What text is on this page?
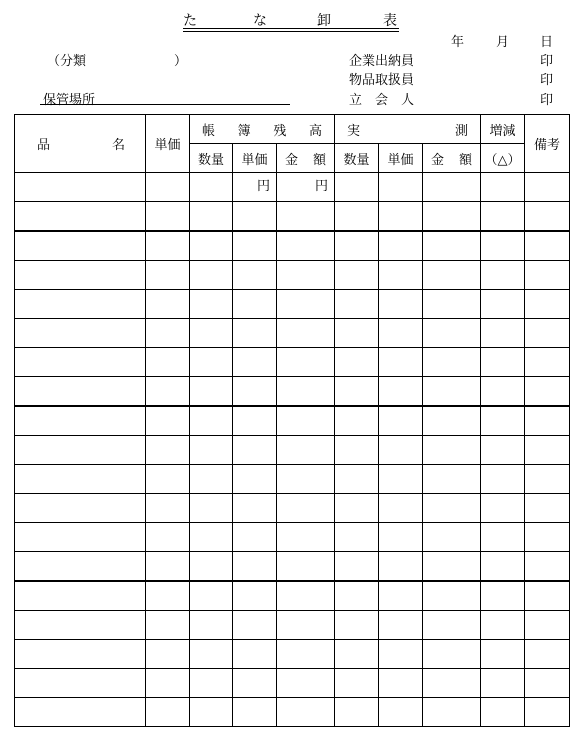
た	な	卸	表
年 月 日
（分類	）	企業出納員	印
物品取扱員	印
立　会　人	印
保管場所
品 名	単価	帳 簿 残 高			実 測			増減	備考
		数量	単価	金 額	数量	単価	金 額	（△）	

			円	円					
